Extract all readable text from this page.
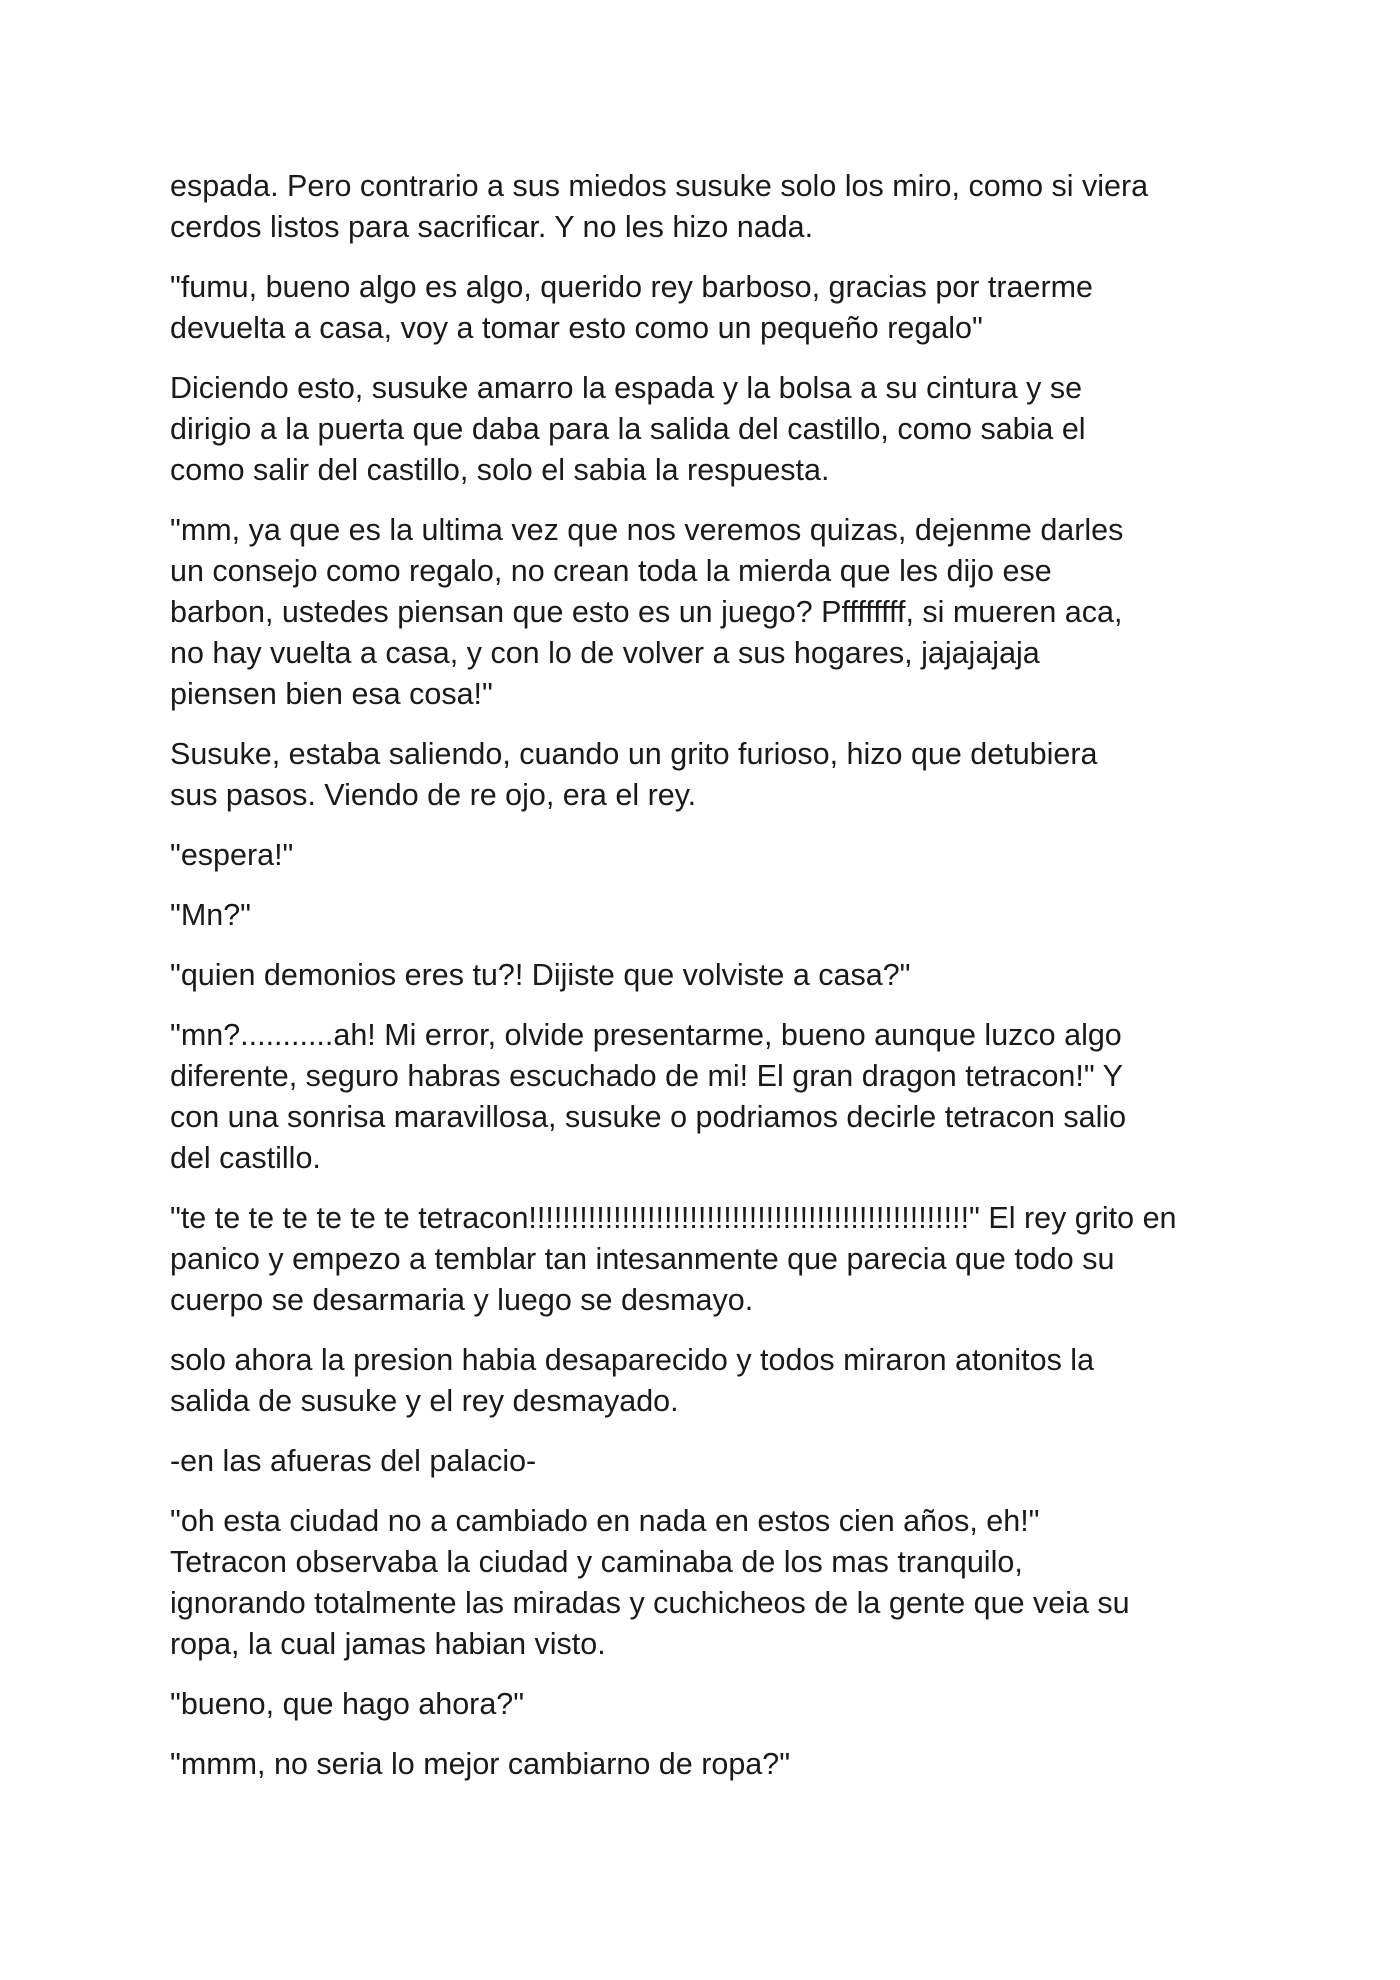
espada. Pero contrario a sus miedos susuke solo los miro, como si viera
cerdos listos para sacrificar. Y no les hizo nada.

"fumu, bueno algo es algo, querido rey barboso, gracias por traerme
devuelta a casa, voy a tomar esto como un pequeño regalo"

Diciendo esto, susuke amarro la espada y la bolsa a su cintura y se
dirigio a la puerta que daba para la salida del castillo, como sabia el
como salir del castillo, solo el sabia la respuesta.

"mm, ya que es la ultima vez que nos veremos quizas, dejenme darles
un consejo como regalo, no crean toda la mierda que les dijo ese
barbon, ustedes piensan que esto es un juego? Pffffffff, si mueren aca,
no hay vuelta a casa, y con lo de volver a sus hogares, jajajajaja
piensen bien esa cosa!"

Susuke, estaba saliendo, cuando un grito furioso, hizo que detubiera
sus pasos. Viendo de re ojo, era el rey.

"espera!"

"Mn?"

"quien demonios eres tu?! Dijiste que volviste a casa?"

"mn?...........ah! Mi error, olvide presentarme, bueno aunque luzco algo
diferente, seguro habras escuchado de mi! El gran dragon tetracon!" Y
con una sonrisa maravillosa, susuke o podriamos decirle tetracon salio
del castillo.

"te te te te te te te tetracon!!!!!!!!!!!!!!!!!!!!!!!!!!!!!!!!!!!!!!!!!!!!!!!!!!!!" El rey grito en
panico y empezo a temblar tan intesanmente que parecia que todo su
cuerpo se desarmaria y luego se desmayo.

solo ahora la presion habia desaparecido y todos miraron atonitos la
salida de susuke y el rey desmayado.

-en las afueras del palacio-

"oh esta ciudad no a cambiado en nada en estos cien años, eh!"
Tetracon observaba la ciudad y caminaba de los mas tranquilo,
ignorando totalmente las miradas y cuchicheos de la gente que veia su
ropa, la cual jamas habian visto.

"bueno, que hago ahora?"

"mmm, no seria lo mejor cambiarno de ropa?"
